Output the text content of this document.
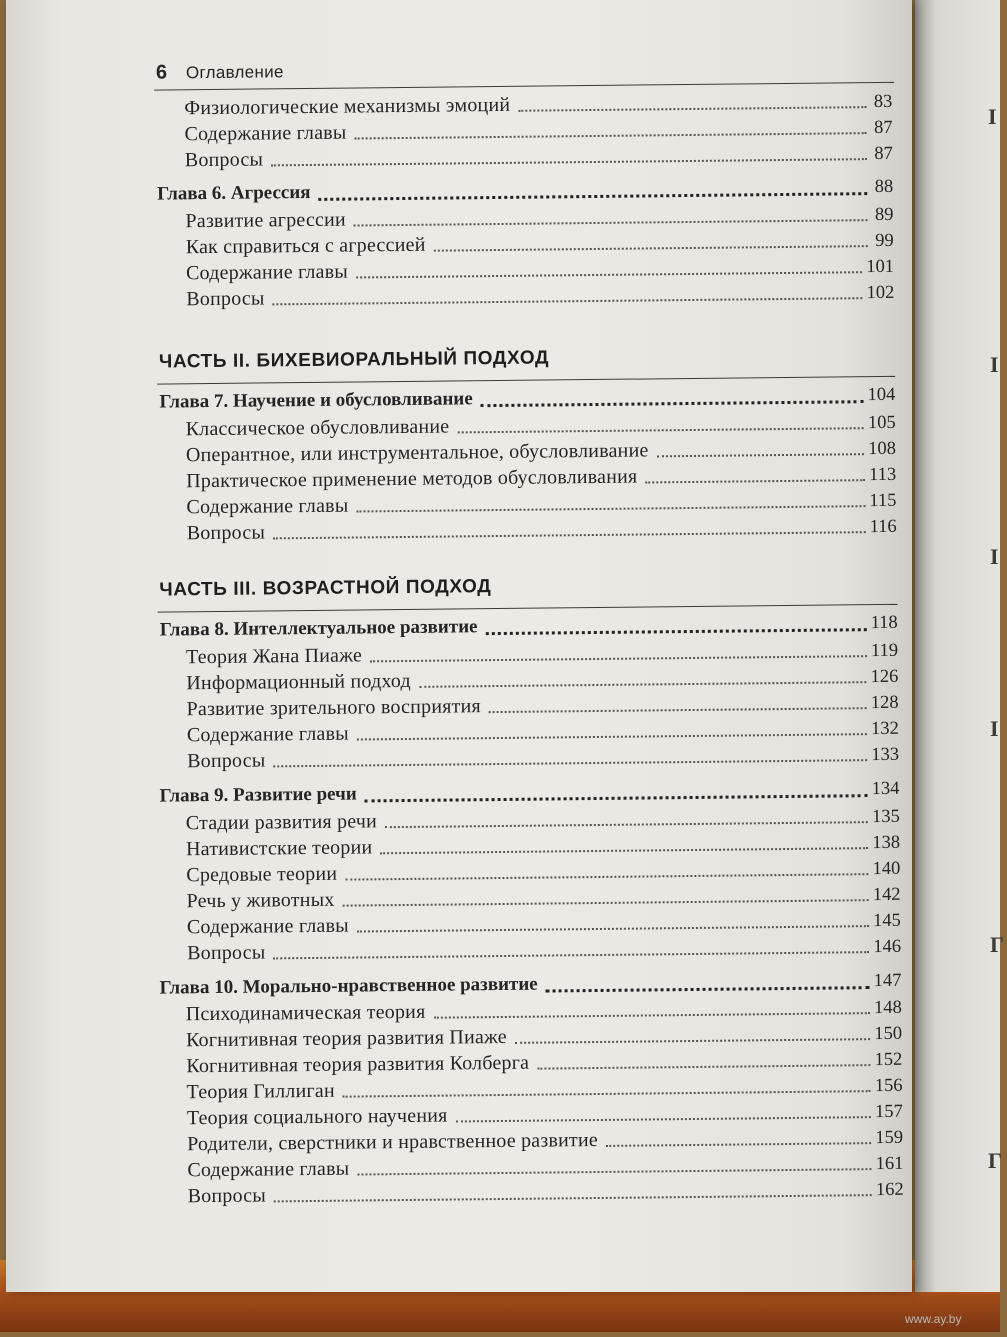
I
I
I
I
Г
Г
www.ay.by
6 Оглавление
Физиологические механизмы эмоций	83
Содержание главы	87
Вопросы	87
Глава 6. Агрессия	88
Развитие агрессии	89
Как справиться с агрессией	99
Содержание главы	101
Вопросы	102
ЧАСТЬ II. БИХЕВИОРАЛЬНЫЙ ПОДХОД
Глава 7. Научение и обусловливание	104
Классическое обусловливание	105
Оперантное, или инструментальное, обусловливание	108
Практическое применение методов обусловливания	113
Содержание главы	115
Вопросы	116
ЧАСТЬ III. ВОЗРАСТНОЙ ПОДХОД
Глава 8. Интеллектуальное развитие	118
Теория Жана Пиаже	119
Информационный подход	126
Развитие зрительного восприятия	128
Содержание главы	132
Вопросы	133
Глава 9. Развитие речи	134
Стадии развития речи	135
Нативистские теории	138
Средовые теории	140
Речь у животных	142
Содержание главы	145
Вопросы	146
Глава 10. Морально-нравственное развитие	147
Психодинамическая теория	148
Когнитивная теория развития Пиаже	150
Когнитивная теория развития Колберга	152
Теория Гиллиган	156
Теория социального научения	157
Родители, сверстники и нравственное развитие	159
Содержание главы	161
Вопросы	162
